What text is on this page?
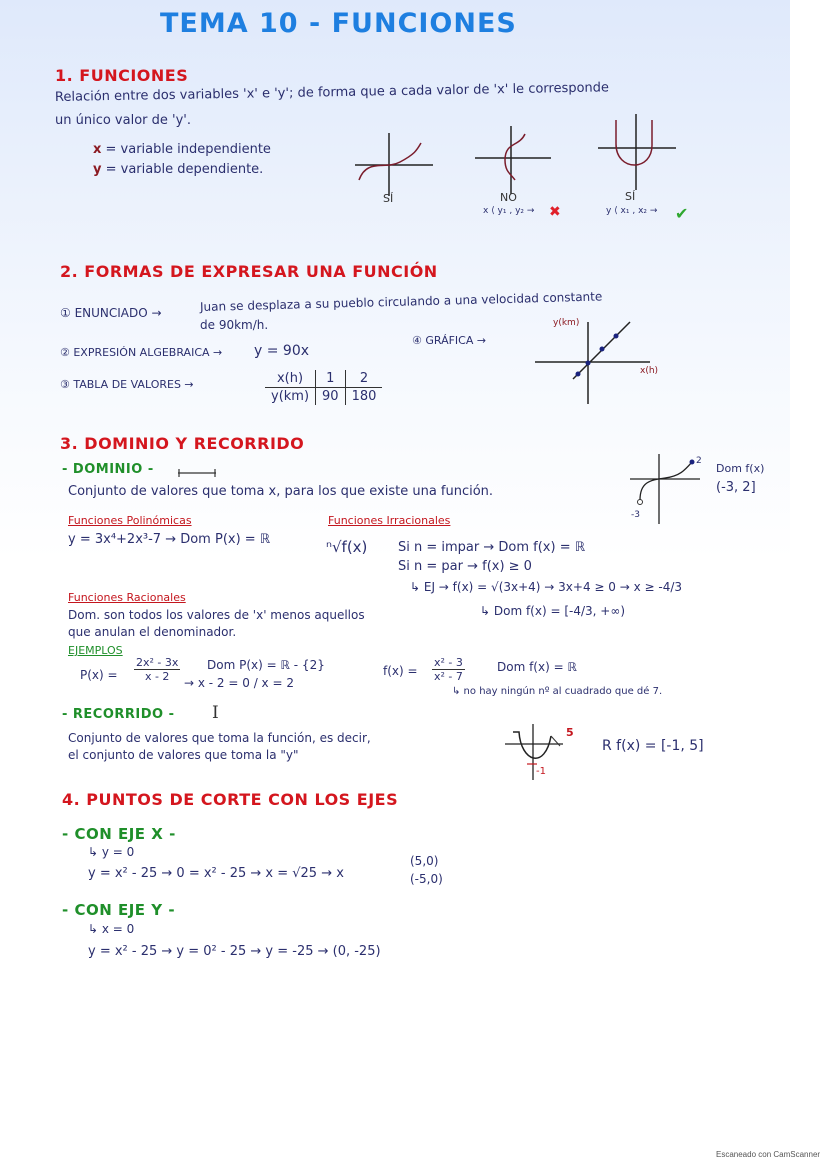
TEMA 10 - FUNCIONES
1. FUNCIONES
Relación entre dos variables 'x' e 'y'; de forma que a cada valor de 'x' le corresponde
un único valor de 'y'.
x = variable independiente
y = variable dependiente.
SÍ	NO
x ⟨ y₁ , y₂ → ✖
SÍ
y ⟨ x₁ , x₂ → ✔
2. FORMAS DE EXPRESAR UNA FUNCIÓN
① ENUNCIADO →	Juan se desplaza a su pueblo circulando a una velocidad constante
de 90km/h.
② EXPRESIÓN ALGEBRAICA → y = 90x
③ TABLA DE VALORES →	x(h)	1	2
y(km)	90	180
④ GRÁFICA →
y(km)
x(h)
3. DOMINIO Y RECORRIDO
- DOMINIO -
Conjunto de valores que toma x, para los que existe una función.
-3
2
Dom f(x)
(-3, 2]
Funciones Polinómicas
y = 3x⁴+2x³-7 → Dom P(x) = ℝ
Funciones Irracionales
ⁿ√f(x) Si n = impar → Dom f(x) = ℝ
Si n = par → f(x) ≥ 0
↳ EJ → f(x) = √(3x+4) → 3x+4 ≥ 0 → x ≥ -4/3
↳ Dom f(x) = [-4/3, +∞)
Funciones Racionales
Dom. son todos los valores de 'x' menos aquellos
que anulan el denominador.
EJEMPLOS
$P(x) = \frac{\text{2x² - 3x}}{x - 2}$ Dom P(x) = ℝ - {2}
→ x - 2 = 0 / x = 2
$f(x) = \frac{\text{x² - 3}}{\text{x² - 7}}$	Dom f(x) = ℝ
↳ no hay ningún nº al cuadrado que dé 7.
- RECORRIDO - I
Conjunto de valores que toma la función, es decir,
el conjunto de valores que toma la "y"
5
-1
R f(x) = [-1, 5]
4. PUNTOS DE CORTE CON LOS EJES
- CON EJE X -
↳ y = 0
y = x² - 25 → 0 = x² - 25 → x = √25 → x
(5,0)
(-5,0)
- CON EJE Y -
↳ x = 0
y = x² - 25 → y = 0² - 25 → y = -25 → (0, -25)
Escaneado con CamScanner
